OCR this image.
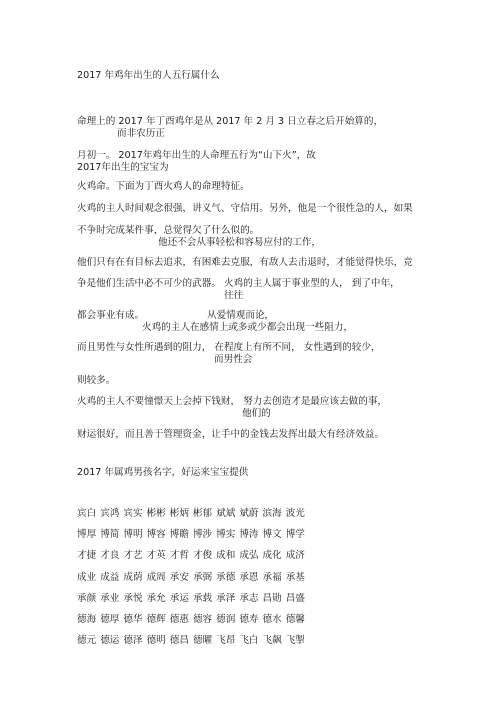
2017 年鸡年出生的人五行属什么
命理上的 2017 年丁酉鸡年是从 2017 年 2 月 3 日立春之后开始算的，
而非农历正
月初一。 2017年鸡年出生的人命理五行为“山下火”，故
2017年出生的宝宝为
火鸡命。下面为丁酉火鸡人的命理特征。
火鸡的主人时间观念很强，讲义气、守信用。另外，他是一个很性急的人，如果
不争时完成某件事，总觉得欠了什么似的。
他还不会从事轻松和容易应付的工作，
他们只有在有目标去追求，有困难去克服，有敌人去击退时，才能觉得快乐，竞
争是他们生活中必不可少的武器。 火鸡的主人属于事业型的人， 到了中年，
往往
都会事业有成。	从爱情观而论，
火鸡的主人在感情上或多或少都会出现一些阻力，
而且男性与女性所遇到的阻力， 在程度上有所不同， 女性遇到的较少，
而男性会
则较多。
火鸡的主人不要憧憬天上会掉下钱财， 努力去创造才是最应该去做的事，
他们的
财运很好，而且善于管理资金，让手中的金钱去发挥出最大有经济效益。
2017 年属鸡男孩名字，好运来宝宝提供
宾白 宾鸿 宾实 彬彬 彬炳 彬郁 斌斌 斌蔚 滨海 波光
博厚 博简 博明 博容 博瞻 博涉 博实 博涛 博文 博学
才捷 才良 才艺 才英 才哲 才俊 成和 成弘 成化 成济
成业 成益 成荫 成周 承安 承弼 承德 承恩 承福 承基
承颜 承业 承悦 承允 承运 承载 承泽 承志 昌勋 昌盛
德海 德厚 德华 德辉 德惠 德容 德润 德寿 德水 德馨
德元 德运 德泽 德明 德昌 德曜 飞昂 飞白 飞飙 飞掣
